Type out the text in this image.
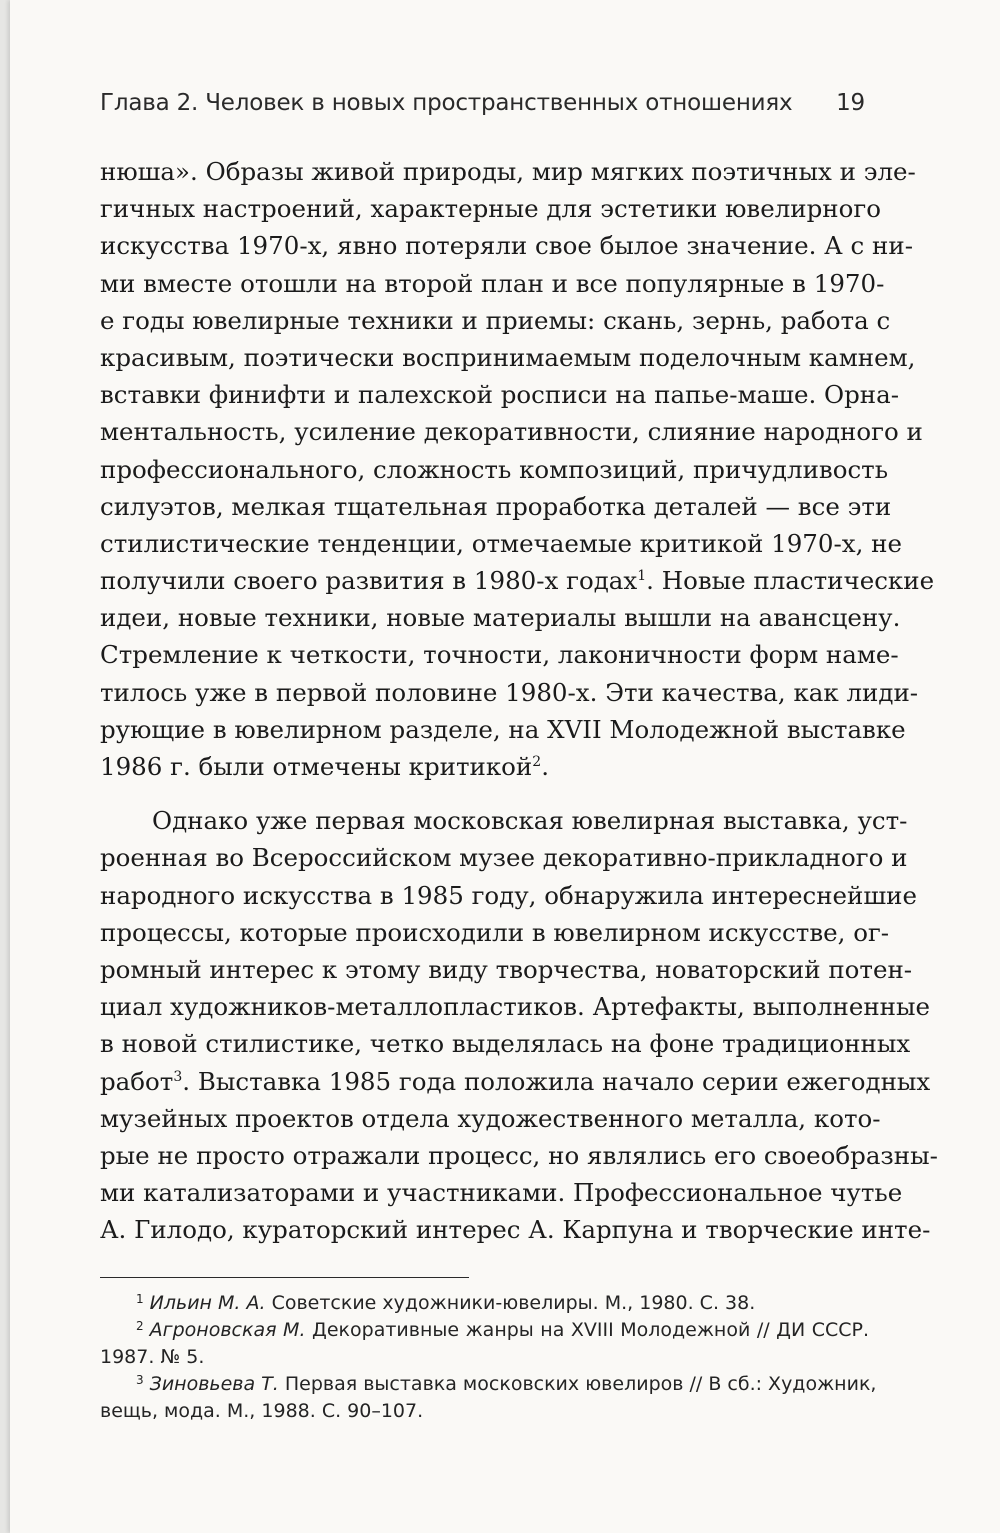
Глава 2. Человек в новых пространственных отношениях 19
нюша». Образы живой природы, мир мягких поэтичных и эле-
гичных настроений, характерные для эстетики ювелирного
искусства 1970-х, явно потеряли свое былое значение. А с ни-
ми вместе отошли на второй план и все популярные в 1970-
е годы ювелирные техники и приемы: скань, зернь, работа с
красивым, поэтически воспринимаемым поделочным камнем,
вставки финифти и палехской росписи на папье-маше. Орна-
ментальность, усиление декоративности, слияние народного и
профессионального, сложность композиций, причудливость
силуэтов, мелкая тщательная проработка деталей — все эти
стилистические тенденции, отмечаемые критикой 1970-х, не
получили своего развития в 1980-х годах$^1$. Новые пластические
идеи, новые техники, новые материалы вышли на авансцену.
Стремление к четкости, точности, лаконичности форм наме-
тилось уже в первой половине 1980-х. Эти качества, как лиди-
рующие в ювелирном разделе, на XVII Молодежной выставке
1986 г. были отмечены критикой$^2$.
Однако уже первая московская ювелирная выставка, уст-
роенная во Всероссийском музее декоративно-прикладного и
народного искусства в 1985 году, обнаружила интереснейшие
процессы, которые происходили в ювелирном искусстве, ог-
ромный интерес к этому виду творчества, новаторский потен-
циал художников-металлопластиков. Артефакты, выполненные
в новой стилистике, четко выделялась на фоне традиционных
работ$^3$. Выставка 1985 года положила начало серии ежегодных
музейных проектов отдела художественного металла, кото-
рые не просто отражали процесс, но являлись его своеобразны-
ми катализаторами и участниками. Профессиональное чутье
А. Гилодо, кураторский интерес А. Карпуна и творческие инте-
$^1$ Ильин М. А. Советские художники-ювелиры. М., 1980. С. 38.
$^2$ Агроновская М. Декоративные жанры на XVIII Молодежной // ДИ СССР.
1987. № 5.
$^3$ Зиновьева Т. Первая выставка московских ювелиров // В сб.: Художник,
вещь, мода. М., 1988. С. 90–107.
